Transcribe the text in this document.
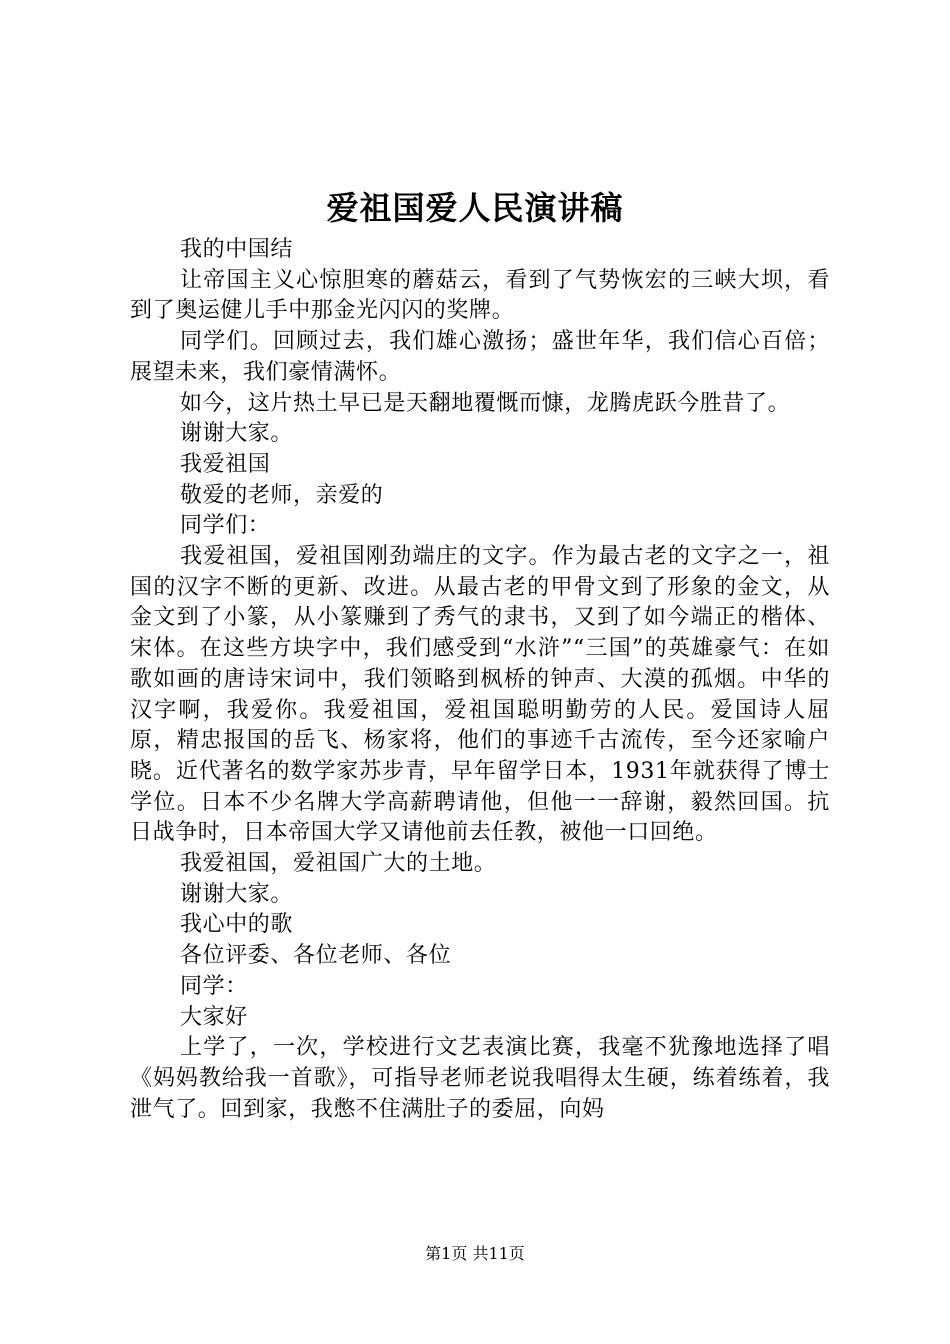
爱祖国爱人民演讲稿

我的中国结

让帝国主义心惊胆寒的蘑菇云，看到了气势恢宏的三峡大坝，看到了奥运健儿手中那金光闪闪的奖牌。

同学们。回顾过去，我们雄心激扬；盛世年华，我们信心百倍；展望未来，我们豪情满怀。

如今，这片热土早已是天翻地覆慨而慷，龙腾虎跃今胜昔了。

谢谢大家。

我爱祖国

敬爱的老师，亲爱的

同学们：

我爱祖国，爱祖国刚劲端庄的文字。作为最古老的文字之一，祖国的汉字不断的更新、改进。从最古老的甲骨文到了形象的金文，从金文到了小篆，从小篆赚到了秀气的隶书，又到了如今端正的楷体、宋体。在这些方块字中，我们感受到“水浒”“三国”的英雄豪气：在如歌如画的唐诗宋词中，我们领略到枫桥的钟声、大漠的孤烟。中华的汉字啊，我爱你。我爱祖国，爱祖国聪明勤劳的人民。爱国诗人屈原，精忠报国的岳飞、杨家将，他们的事迹千古流传，至今还家喻户晓。近代著名的数学家苏步青，早年留学日本，1931年就获得了博士学位。日本不少名牌大学高薪聘请他，但他一一辞谢，毅然回国。抗日战争时，日本帝国大学又请他前去任教，被他一口回绝。

我爱祖国，爱祖国广大的土地。

谢谢大家。

我心中的歌

各位评委、各位老师、各位

同学：

大家好

上学了，一次，学校进行文艺表演比赛，我毫不犹豫地选择了唱《妈妈教给我一首歌》，可指导老师老说我唱得太生硬，练着练着，我泄气了。回到家，我憋不住满肚子的委屈，向妈

第1页 共11页
